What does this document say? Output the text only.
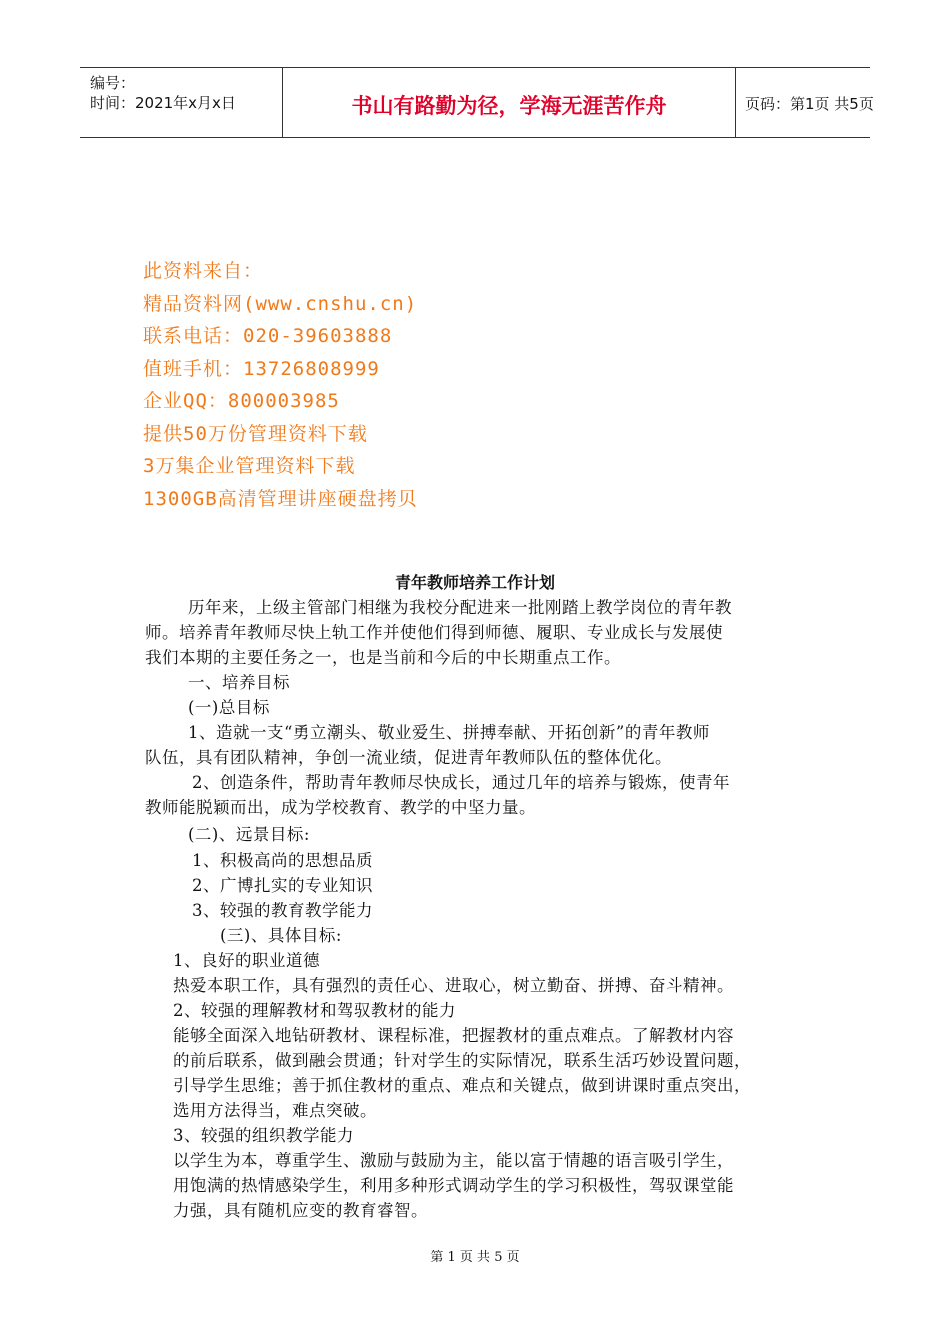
编号：
时间：2021年x月x日	书山有路勤为径，学海无涯苦作舟	页码：第1页 共5页
此资料来自：
精品资料网(www.cnshu.cn)
联系电话：020-39603888
值班手机：13726808999
企业QQ：800003985
提供50万份管理资料下载
3万集企业管理资料下载
1300GB高清管理讲座硬盘拷贝
青年教师培养工作计划
历年来，上级主管部门相继为我校分配进来一批刚踏上教学岗位的青年教
师。培养青年教师尽快上轨工作并使他们得到师德、履职、专业成长与发展使
我们本期的主要任务之一，也是当前和今后的中长期重点工作。
一、培养目标
(一)总目标
1、造就一支“勇立潮头、敬业爱生、拼搏奉献、开拓创新”的青年教师
队伍，具有团队精神，争创一流业绩，促进青年教师队伍的整体优化。
2、创造条件，帮助青年教师尽快成长，通过几年的培养与锻炼，使青年
教师能脱颖而出，成为学校教育、教学的中坚力量。
(二)、远景目标:
1、积极高尚的思想品质
2、广博扎实的专业知识
3、较强的教育教学能力
(三)、具体目标:
1、良好的职业道德
热爱本职工作，具有强烈的责任心、进取心，树立勤奋、拼搏、奋斗精神。
2、较强的理解教材和驾驭教材的能力
能够全面深入地钻研教材、课程标准，把握教材的重点难点。了解教材内容
的前后联系，做到融会贯通；针对学生的实际情况，联系生活巧妙设置问题，
引导学生思维；善于抓住教材的重点、难点和关键点，做到讲课时重点突出，
选用方法得当，难点突破。
3、较强的组织教学能力
以学生为本，尊重学生、激励与鼓励为主，能以富于情趣的语言吸引学生，
用饱满的热情感染学生，利用多种形式调动学生的学习积极性，驾驭课堂能
力强，具有随机应变的教育睿智。
第 1 页 共 5 页
